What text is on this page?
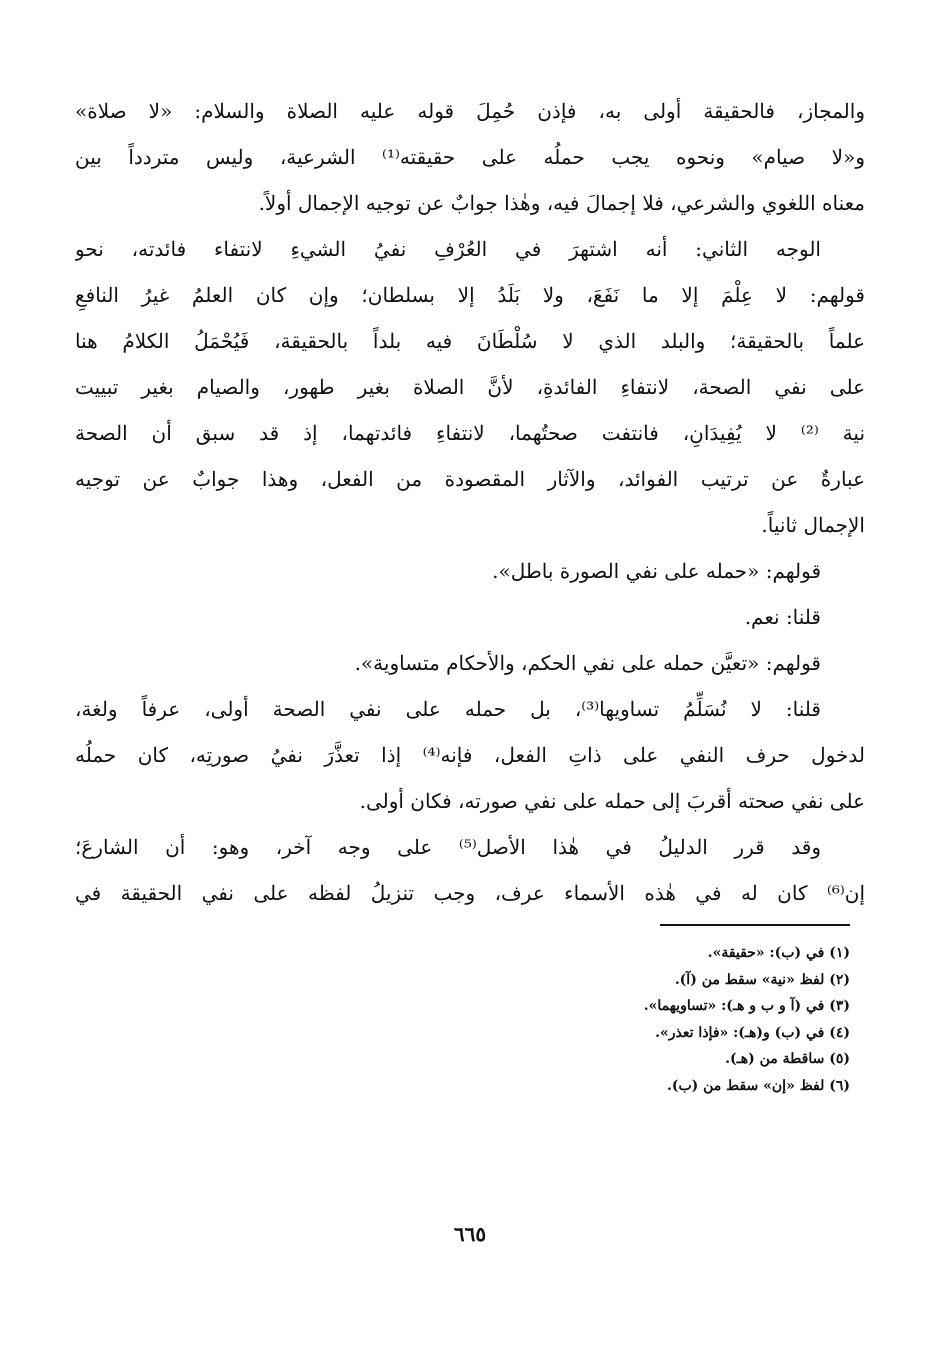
والمجاز، فالحقيقة أولى به، فإذن حُمِلَ قوله عليه الصلاة والسلام: «لا صلاة»
و«لا صيام» ونحوه يجب حملُه على حقيقته⁽¹⁾ الشرعية، وليس متردداً بين
معناه اللغوي والشرعي، فلا إجمالَ فيه، وهٰذا جوابٌ عن توجيه الإجمال أولاً.
الوجه الثاني: أنه اشتهرَ في العُرْفِ نفيُ الشيءِ لانتفاء فائدته، نحو
قولهم: لا عِلْمَ إلا ما نَفَعَ، ولا بَلَدُ إلا بسلطان؛ وإن كان العلمُ غيرُ النافعِ
علماً بالحقيقة؛ والبلد الذي لا سُلْطَانَ فيه بلداً بالحقيقة، فَيُحْمَلُ الكلامُ هنا
على نفي الصحة، لانتفاءِ الفائدةِ، لأنَّ الصلاة بغير طهور، والصيام بغير تبييت
نية ⁽²⁾ لا يُفِيدَانِ، فانتفت صحتُهما، لانتفاءِ فائدتهما، إذ قد سبق أن الصحة
عبارةٌ عن ترتيب الفوائد، والآثار المقصودة من الفعل، وهذا جوابٌ عن توجيه
الإجمال ثانياً.
قولهم: «حمله على نفي الصورة باطل».
قلنا: نعم.
قولهم: «تعيَّن حمله على نفي الحكم، والأحكام متساوية».
قلنا: لا نُسَلِّمُ تساويها⁽³⁾، بل حمله على نفي الصحة أولى، عرفاً ولغة،
لدخول حرف النفي على ذاتِ الفعل، فإنه⁽⁴⁾ إذا تعذَّرَ نفيُ صورتِه، كان حملُه
على نفي صحته أقربَ إلى حمله على نفي صورته، فكان أولى.
وقد قرر الدليلُ في هٰذا الأصل⁽⁵⁾ على وجه آخر، وهو: أن الشارعَ؛
إن⁽⁶⁾ كان له في هٰذه الأسماء عرف، وجب تنزيلُ لفظه على نفي الحقيقة في
(١) في (ب): «حقيقة».
(٢) لفظ «نية» سقط من (آ).
(٣) في (آ و ب و هـ): «تساويهما».
(٤) في (ب) و(هـ): «فإذا تعذر».
(٥) ساقطة من (هـ).
(٦) لفظ «إن» سقط من (ب).
٦٦٥
